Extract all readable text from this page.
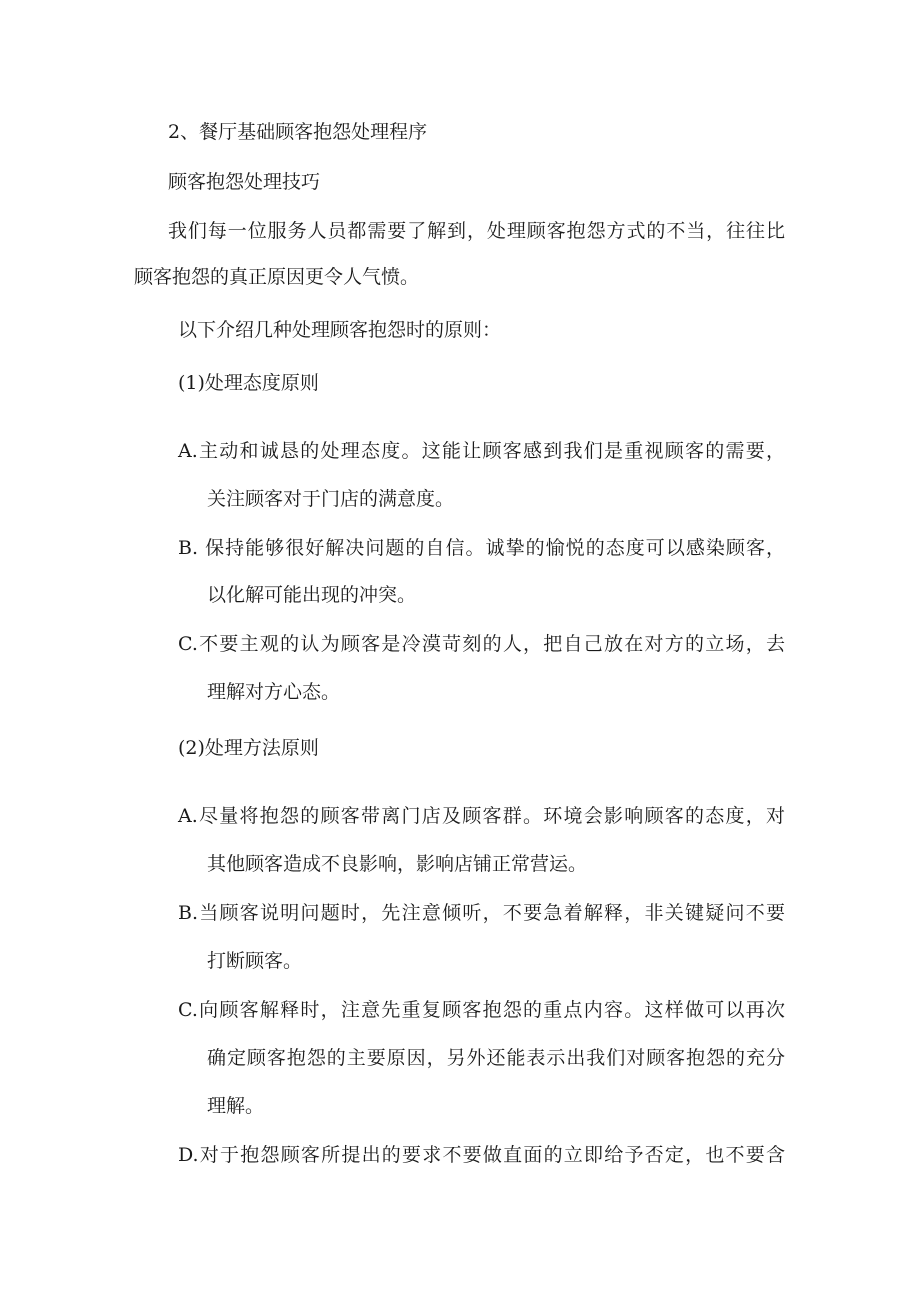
2、餐厅基础顾客抱怨处理程序
顾客抱怨处理技巧
我们每一位服务人员都需要了解到，处理顾客抱怨方式的不当，往往比
顾客抱怨的真正原因更令人气愤。
以下介绍几种处理顾客抱怨时的原则：
(1)处理态度原则
A.主动和诚恳的处理态度。这能让顾客感到我们是重视顾客的需要，
关注顾客对于门店的满意度。
B. 保持能够很好解决问题的自信。诚挚的愉悦的态度可以感染顾客，
以化解可能出现的冲突。
C.不要主观的认为顾客是冷漠苛刻的人，把自己放在对方的立场，去
理解对方心态。
(2)处理方法原则
A.尽量将抱怨的顾客带离门店及顾客群。环境会影响顾客的态度，对
其他顾客造成不良影响，影响店铺正常营运。
B.当顾客说明问题时，先注意倾听，不要急着解释，非关键疑问不要
打断顾客。
C.向顾客解释时，注意先重复顾客抱怨的重点内容。这样做可以再次
确定顾客抱怨的主要原因，另外还能表示出我们对顾客抱怨的充分
理解。
D.对于抱怨顾客所提出的要求不要做直面的立即给予否定，也不要含
